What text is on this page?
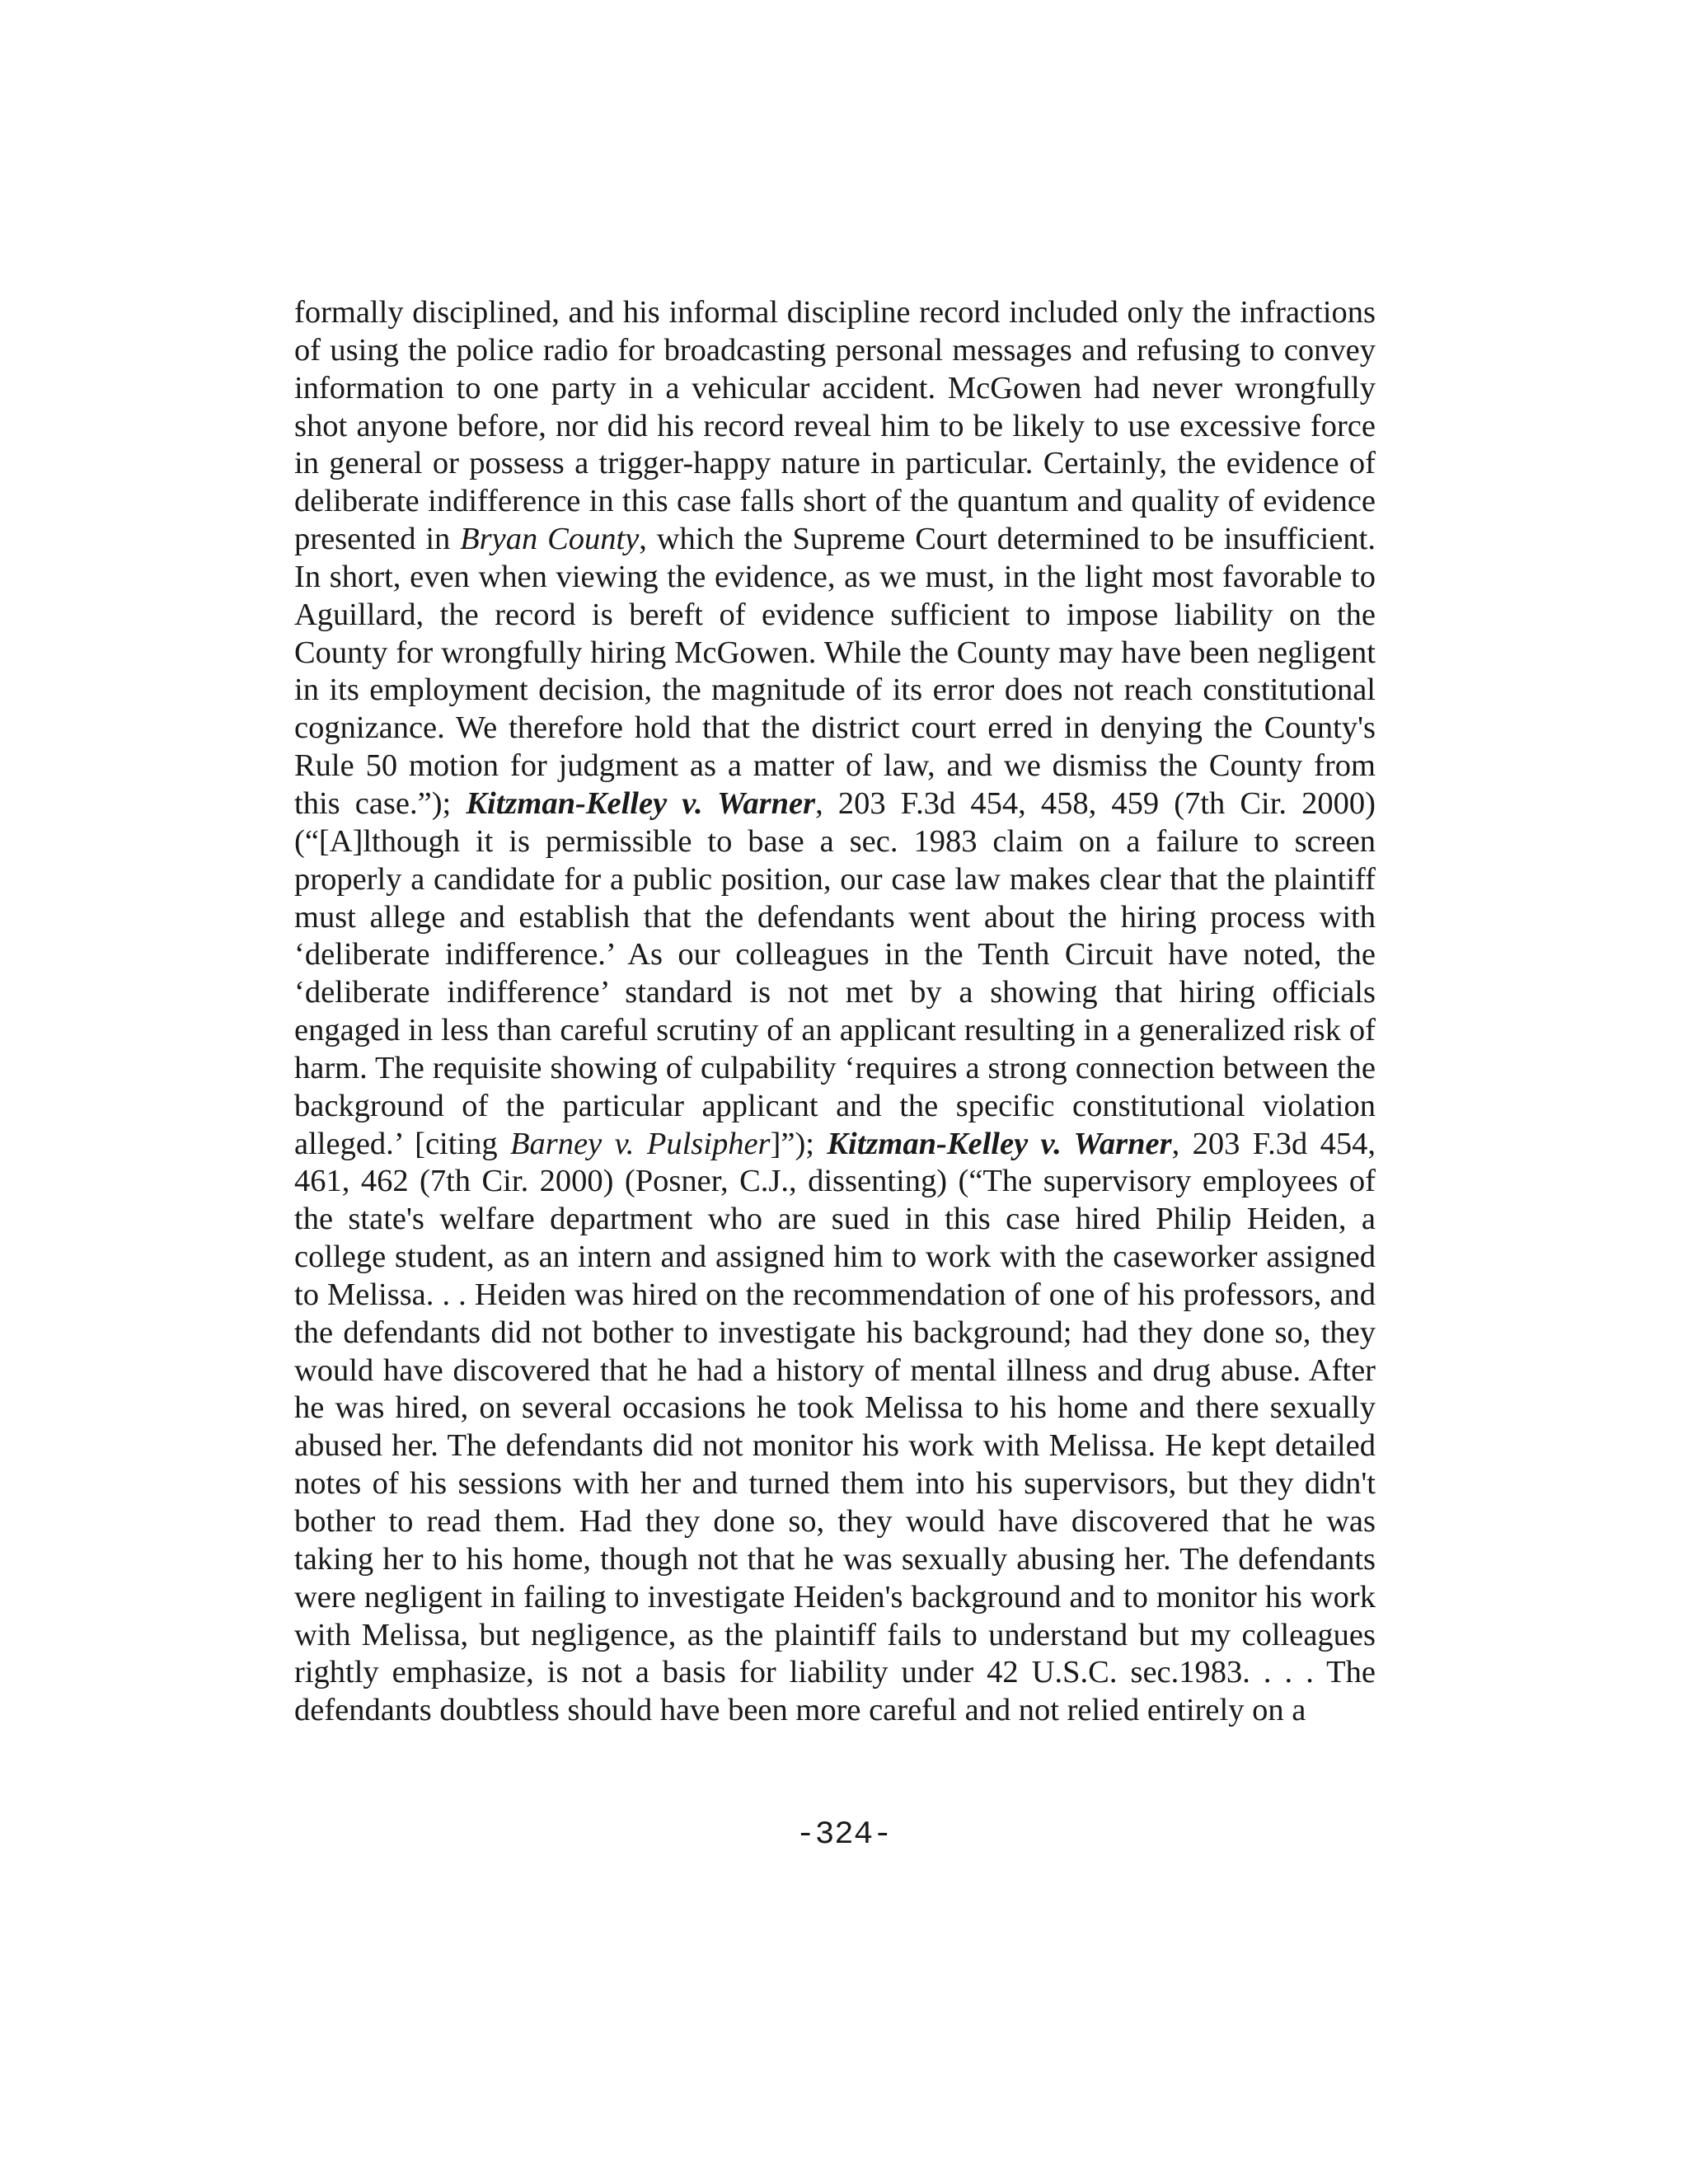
formally disciplined, and his informal discipline record included only the infractions of using the police radio for broadcasting personal messages and refusing to convey information to one party in a vehicular accident. McGowen had never wrongfully shot anyone before, nor did his record reveal him to be likely to use excessive force in general or possess a trigger-happy nature in particular. Certainly, the evidence of deliberate indifference in this case falls short of the quantum and quality of evidence presented in Bryan County, which the Supreme Court determined to be insufficient. In short, even when viewing the evidence, as we must, in the light most favorable to Aguillard, the record is bereft of evidence sufficient to impose liability on the County for wrongfully hiring McGowen. While the County may have been negligent in its employment decision, the magnitude of its error does not reach constitutional cognizance. We therefore hold that the district court erred in denying the County's Rule 50 motion for judgment as a matter of law, and we dismiss the County from this case.”); Kitzman-Kelley v. Warner, 203 F.3d 454, 458, 459 (7th Cir. 2000) (“[A]lthough it is permissible to base a sec. 1983 claim on a failure to screen properly a candidate for a public position, our case law makes clear that the plaintiff must allege and establish that the defendants went about the hiring process with ‘deliberate indifference.’ As our colleagues in the Tenth Circuit have noted, the ‘deliberate indifference’ standard is not met by a showing that hiring officials engaged in less than careful scrutiny of an applicant resulting in a generalized risk of harm. The requisite showing of culpability ‘requires a strong connection between the background of the particular applicant and the specific constitutional violation alleged.’ [citing Barney v. Pulsipher]”); Kitzman-Kelley v. Warner, 203 F.3d 454, 461, 462 (7th Cir. 2000) (Posner, C.J., dissenting) (“The supervisory employees of the state's welfare department who are sued in this case hired Philip Heiden, a college student, as an intern and assigned him to work with the caseworker assigned to Melissa. . . Heiden was hired on the recommendation of one of his professors, and the defendants did not bother to investigate his background; had they done so, they would have discovered that he had a history of mental illness and drug abuse. After he was hired, on several occasions he took Melissa to his home and there sexually abused her. The defendants did not monitor his work with Melissa. He kept detailed notes of his sessions with her and turned them into his supervisors, but they didn't bother to read them. Had they done so, they would have discovered that he was taking her to his home, though not that he was sexually abusing her. The defendants were negligent in failing to investigate Heiden's background and to monitor his work with Melissa, but negligence, as the plaintiff fails to understand but my colleagues rightly emphasize, is not a basis for liability under 42 U.S.C. sec.1983. . . . The defendants doubtless should have been more careful and not relied entirely on a

-324-
